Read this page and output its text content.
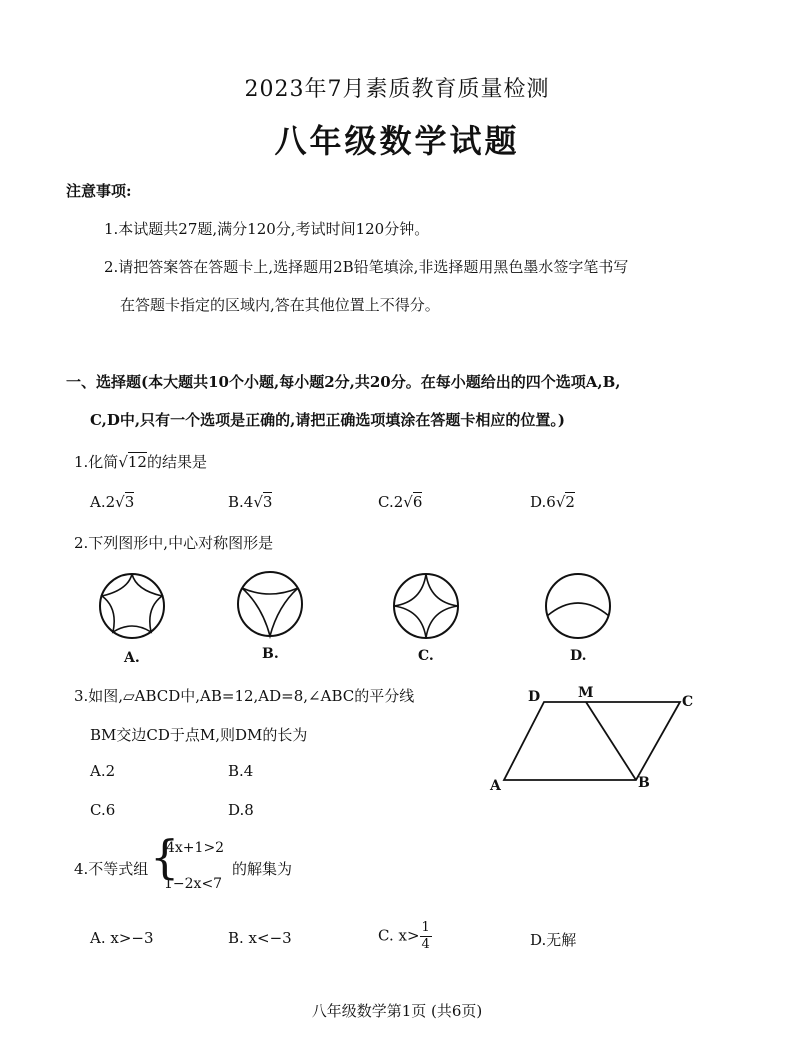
2023年7月素质教育质量检测
八年级数学试题
注意事项:
1.本试题共27题,满分120分,考试时间120分钟。
2.请把答案答在答题卡上,选择题用2B铅笔填涂,非选择题用黑色墨水签字笔书写
在答题卡指定的区域内,答在其他位置上不得分。
一、选择题(本大题共10个小题,每小题2分,共20分。在每小题给出的四个选项A,B,
C,D中,只有一个选项是正确的,请把正确选项填涂在答题卡相应的位置。)
1.化简√12的结果是
A.2√3	B.4√3	C.2√6	D.6√2
2.下列图形中,中心对称图形是
A.	B.	C.	D.
3.如图,▱ABCD中,AB=12,AD=8,∠ABC的平分线
BM交边CD于点M,则DM的长为
A.2	B.4
C.6	D.8
D	M
C
A	B
4.不等式组 {
4x+1>2
1−2x<7
的解集为
A. x>−3	B. x<−3	C. $x> \frac{1}{4}$	D.无解
八年级数学第1页 (共6页)
